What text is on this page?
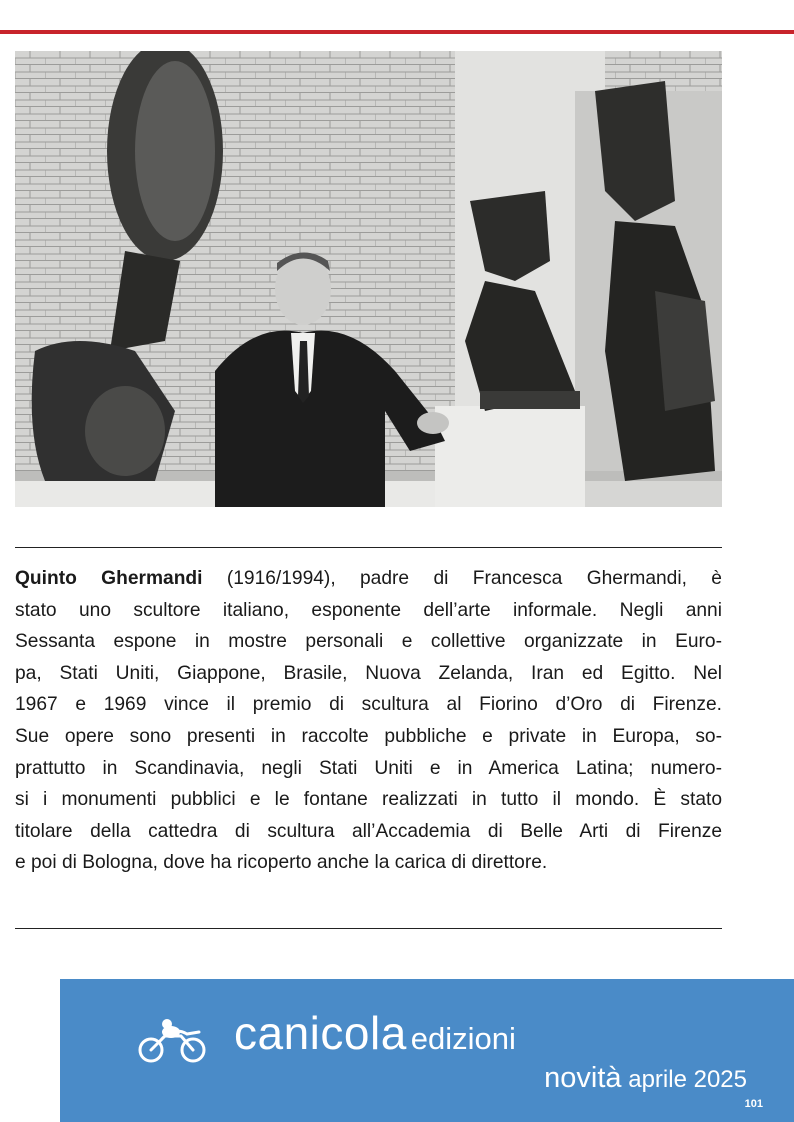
Quinto Ghermandi (1916/1994), padre di Francesca Ghermandi, è
stato uno scultore italiano, esponente dell’arte informale. Negli anni
Sessanta espone in mostre personali e collettive organizzate in Euro-
pa, Stati Uniti, Giappone, Brasile, Nuova Zelanda, Iran ed Egitto. Nel
1967 e 1969 vince il premio di scultura al Fiorino d’Oro di Firenze.
Sue opere sono presenti in raccolte pubbliche e private in Europa, so-
prattutto in Scandinavia, negli Stati Uniti e in America Latina; numero-
si i monumenti pubblici e le fontane realizzati in tutto il mondo. È stato
titolare della cattedra di scultura all’Accademia di Belle Arti di Firenze
e poi di Bologna, dove ha ricoperto anche la carica di direttore.
canicola edizioni
novità aprile 2025
101
